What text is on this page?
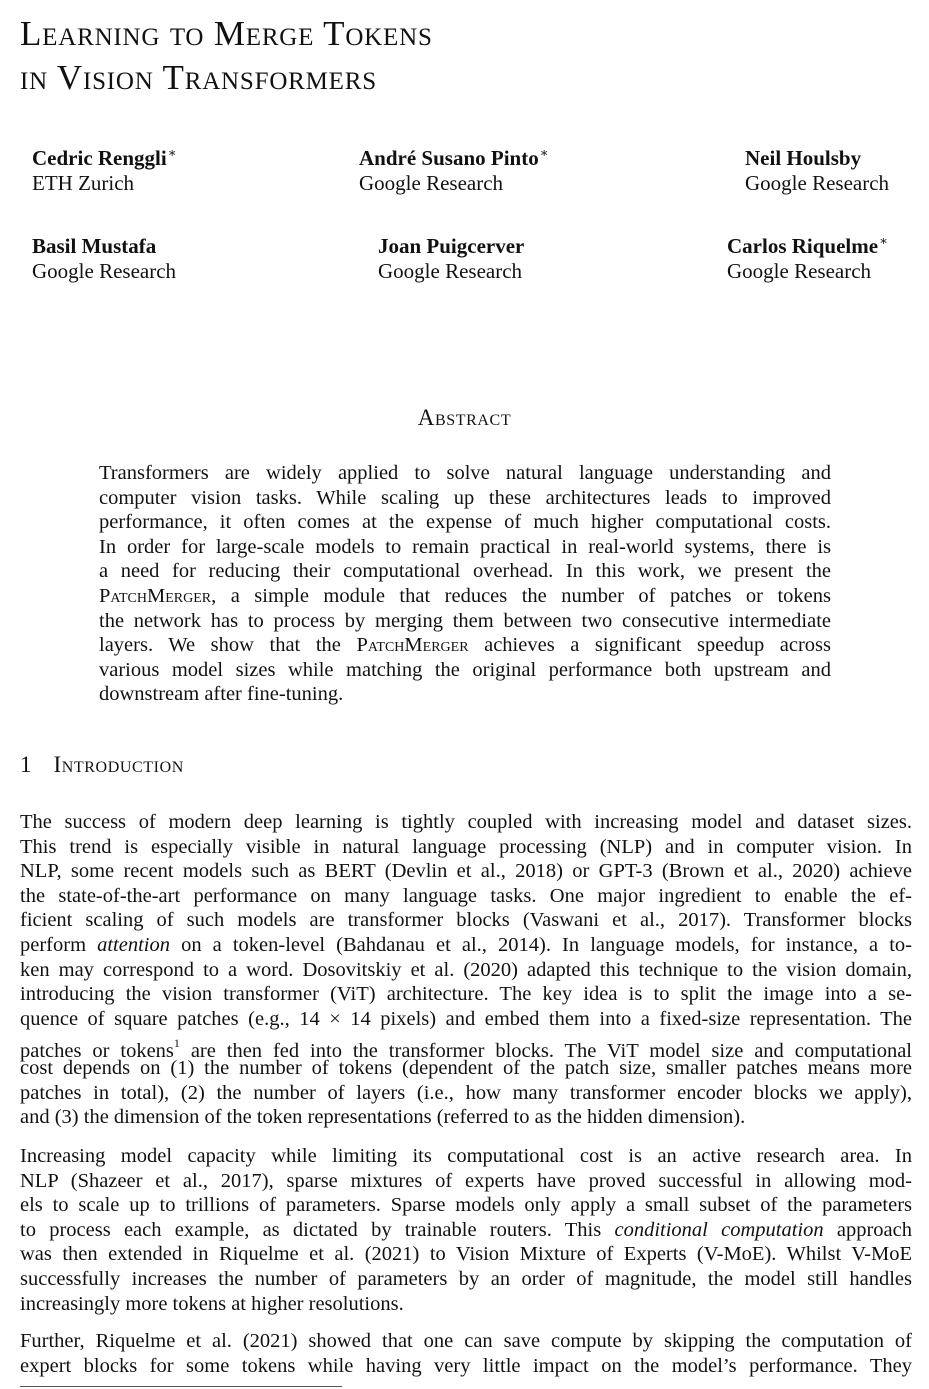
Learning to Merge Tokens
in Vision Transformers
Cedric Renggli∗
ETH Zurich
André Susano Pinto∗
Google Research
Neil Houlsby
Google Research
Basil Mustafa
Google Research
Joan Puigcerver
Google Research
Carlos Riquelme∗
Google Research
Abstract
Transformers are widely applied to solve natural language understanding and
computer vision tasks. While scaling up these architectures leads to improved
performance, it often comes at the expense of much higher computational costs.
In order for large-scale models to remain practical in real-world systems, there is
a need for reducing their computational overhead. In this work, we present the
PatchMerger, a simple module that reduces the number of patches or tokens
the network has to process by merging them between two consecutive intermediate
layers. We show that the PatchMerger achieves a significant speedup across
various model sizes while matching the original performance both upstream and
downstream after fine-tuning.
1 Introduction
The success of modern deep learning is tightly coupled with increasing model and dataset sizes.
This trend is especially visible in natural language processing (NLP) and in computer vision. In
NLP, some recent models such as BERT (Devlin et al., 2018) or GPT-3 (Brown et al., 2020) achieve
the state-of-the-art performance on many language tasks. One major ingredient to enable the ef-
ficient scaling of such models are transformer blocks (Vaswani et al., 2017). Transformer blocks
perform attention on a token-level (Bahdanau et al., 2014). In language models, for instance, a to-
ken may correspond to a word. Dosovitskiy et al. (2020) adapted this technique to the vision domain,
introducing the vision transformer (ViT) architecture. The key idea is to split the image into a se-
quence of square patches (e.g., 14 × 14 pixels) and embed them into a fixed-size representation. The
patches or tokens$^1$ are then fed into the transformer blocks. The ViT model size and computational
cost depends on (1) the number of tokens (dependent of the patch size, smaller patches means more
patches in total), (2) the number of layers (i.e., how many transformer encoder blocks we apply),
and (3) the dimension of the token representations (referred to as the hidden dimension).
Increasing model capacity while limiting its computational cost is an active research area. In
NLP (Shazeer et al., 2017), sparse mixtures of experts have proved successful in allowing mod-
els to scale up to trillions of parameters. Sparse models only apply a small subset of the parameters
to process each example, as dictated by trainable routers. This conditional computation approach
was then extended in Riquelme et al. (2021) to Vision Mixture of Experts (V-MoE). Whilst V-MoE
successfully increases the number of parameters by an order of magnitude, the model still handles
increasingly more tokens at higher resolutions.
Further, Riquelme et al. (2021) showed that one can save compute by skipping the computation of
expert blocks for some tokens while having very little impact on the model’s performance. They
